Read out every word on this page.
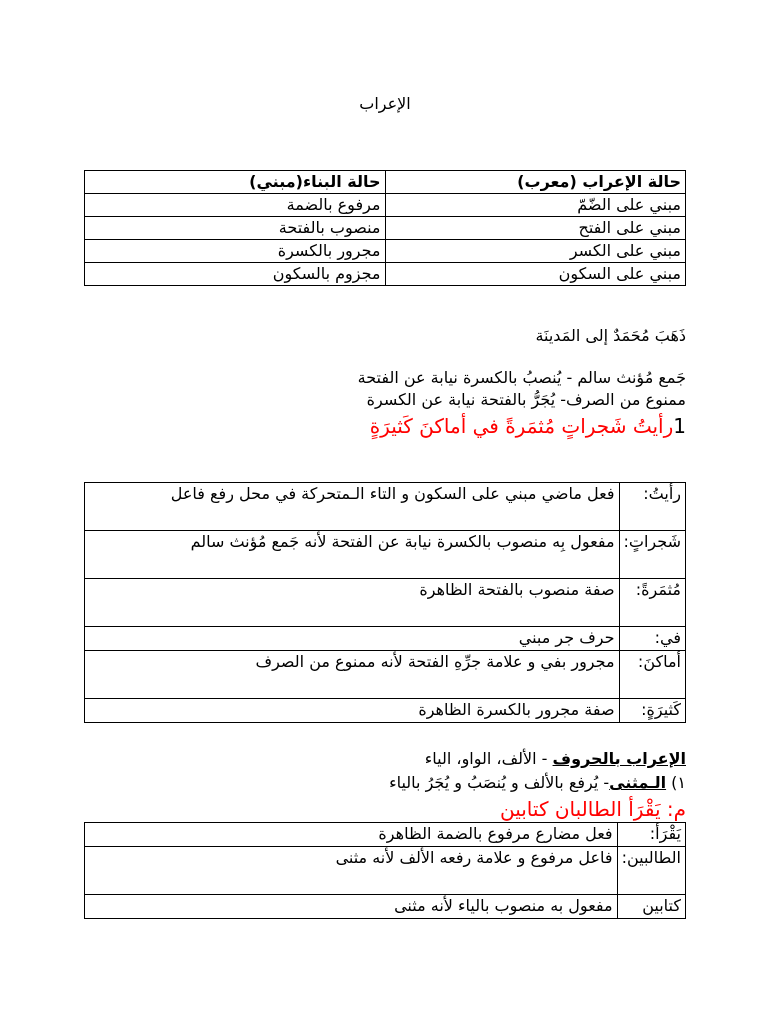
الإعراب
حالة الإعراب (معرب)	حالة البناء(مبني)
مبني على الضّمّ	مرفوع بالضمة
مبني على الفتح	منصوب بالفتحة
مبني على الكسر	مجرور بالكسرة
مبني على السكون	مجزوم بالسكون
ذَهَبَ مُحَمَدٌ إلى المَدينَة
جَمع مُؤنث سالم - يُنصبُ بالكسرة نيابة عن الفتحة
ممنوع من الصرف- يُجَرُّ بالفتحة نيابة عن الكسرة
1رأيتُ شَجراتٍ مُثمَرةً في أماكنَ كَثيرَةٍ
رأيتُ:	فعل ماضي مبني على السكون و التاء الـمتحركة في محل رفع فاعل
شَجراتٍ:	مفعول بِه منصوب بالكسرة نيابة عن الفتحة لأنه جَمع مُؤنث سالم
مُثمَرةً:	صفة منصوب بالفتحة الظاهرة
في:	حرف جر مبني
أماكنَ:	مجرور بفي و علامة جرِّهِ الفتحة لأنه ممنوع من الصرف
كَثيرَةٍ:	صفة مجرور بالكسرة الظاهرة
الإعراب بالحروف - الألف، الواو، الياء
١) الـمثنى- يُرفع بالألف و يُنصَبُ و يُجَرُ بالياء
م: يَقْرَأ الطالبان كتابين
يَقْرَأ:	فعل مضارع مرفوع بالضمة الظاهرة
الطالبين:	فاعل مرفوع و علامة رفعه الألف لأنه مثنى
كتابين	مفعول به منصوب بالياء لأنه مثنى
